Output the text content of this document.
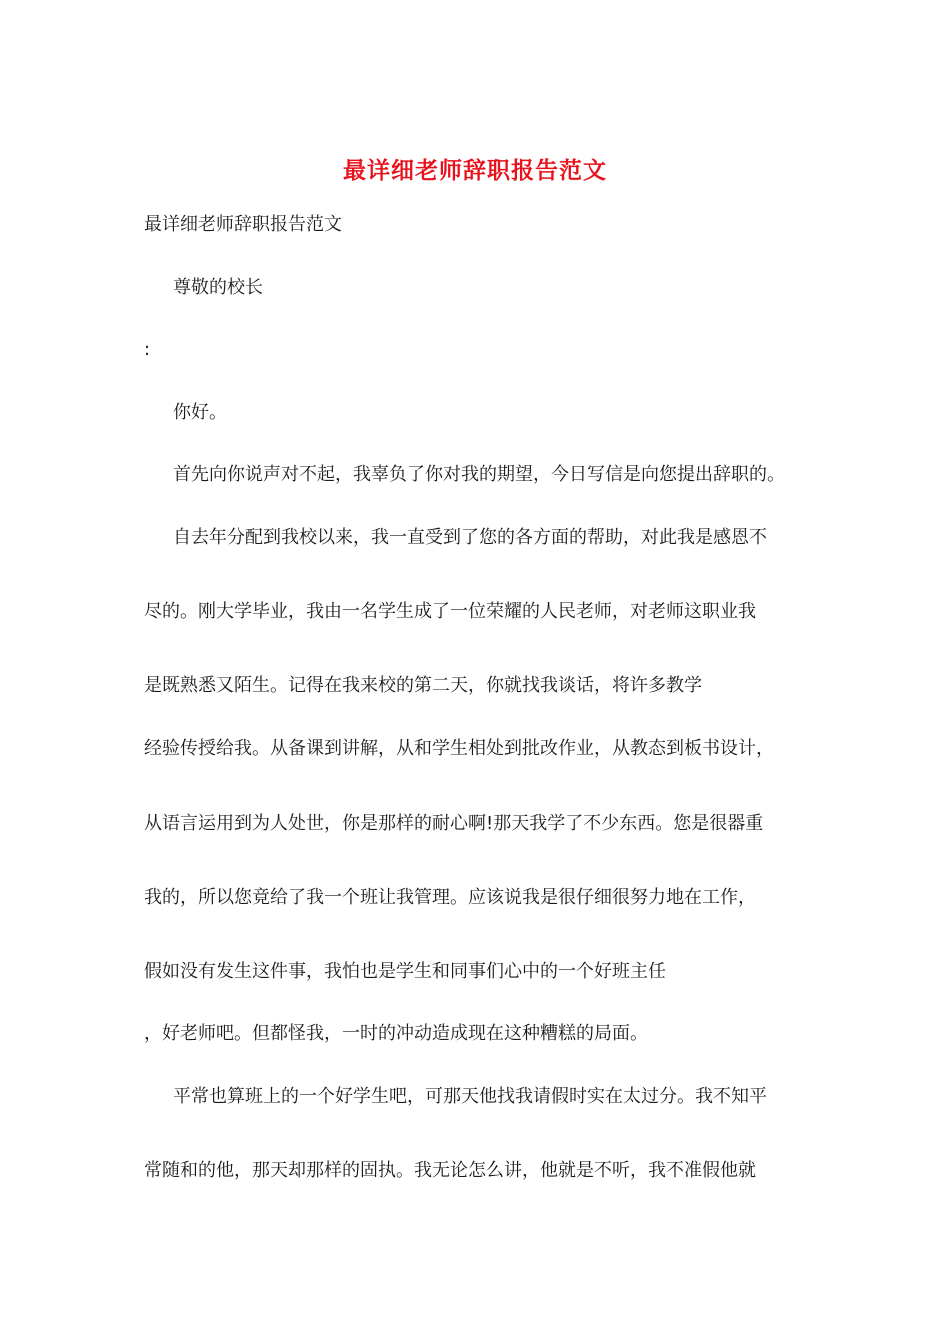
最详细老师辞职报告范文
最详细老师辞职报告范文
尊敬的校长
:
你好。
首先向你说声对不起，我辜负了你对我的期望，今日写信是向您提出辞职的。
自去年分配到我校以来，我一直受到了您的各方面的帮助，对此我是感恩不
尽的。刚大学毕业，我由一名学生成了一位荣耀的人民老师，对老师这职业我
是既熟悉又陌生。记得在我来校的第二天，你就找我谈话，将许多教学
经验传授给我。从备课到讲解，从和学生相处到批改作业，从教态到板书设计，
从语言运用到为人处世，你是那样的耐心啊!那天我学了不少东西。您是很器重
我的，所以您竟给了我一个班让我管理。应该说我是很仔细很努力地在工作，
假如没有发生这件事，我怕也是学生和同事们心中的一个好班主任
，好老师吧。但都怪我，一时的冲动造成现在这种糟糕的局面。
平常也算班上的一个好学生吧，可那天他找我请假时实在太过分。我不知平
常随和的他，那天却那样的固执。我无论怎么讲，他就是不听，我不准假他就
